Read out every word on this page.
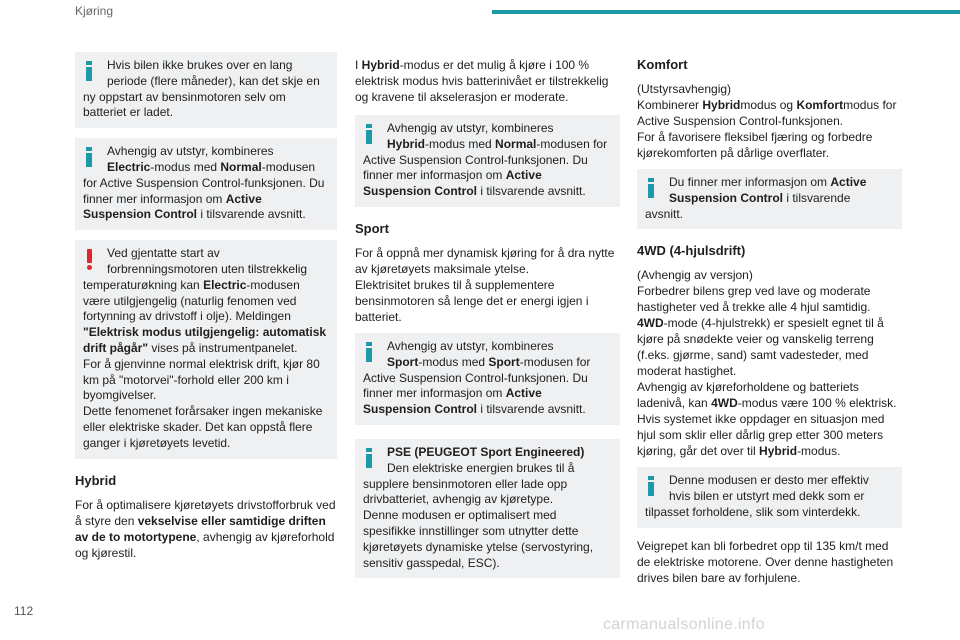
Kjøring
Hvis bilen ikke brukes over en lang
periode (flere måneder), kan det skje en
ny oppstart av bensinmotoren selv om batteriet er ladet.
Avhengig av utstyr, kombineres
Electric-modus med Normal-modusen
for Active Suspension Control-funksjonen. Du finner mer informasjon om Active Suspension Control i tilsvarende avsnitt.
Ved gjentatte start av
forbrenningsmotoren uten tilstrekkelig
temperaturøkning kan Electric-modusen være utilgjengelig (naturlig fenomen ved fortynning av drivstoff i olje). Meldingen "Elektrisk modus utilgjengelig: automatisk drift pågår" vises på instrumentpanelet.
For å gjenvinne normal elektrisk drift, kjør 80 km på "motorvei"-forhold eller 200 km i byomgivelser.
Dette fenomenet forårsaker ingen mekaniske eller elektriske skader. Det kan oppstå flere ganger i kjøretøyets levetid.
Hybrid

For å optimalisere kjøretøyets drivstofforbruk ved å styre den vekselvise eller samtidige driften av de to motortypene, avhengig av kjøreforhold og kjørestil.

I Hybrid-modus er det mulig å kjøre i 100 % elektrisk modus hvis batterinivået er tilstrekkelig og kravene til akselerasjon er moderate.

Avhengig av utstyr, kombineres
Hybrid-modus med Normal-modusen for
Active Suspension Control-funksjonen. Du finner mer informasjon om Active Suspension Control i tilsvarende avsnitt.
Sport

For å oppnå mer dynamisk kjøring for å dra nytte av kjøretøyets maksimale ytelse.
Elektrisitet brukes til å supplementere bensinmotoren så lenge det er energi igjen i batteriet.

Avhengig av utstyr, kombineres
Sport-modus med Sport-modusen for
Active Suspension Control-funksjonen. Du finner mer informasjon om Active Suspension Control i tilsvarende avsnitt.
PSE (PEUGEOT Sport Engineered)
Den elektriske energien brukes til å
supplere bensinmotoren eller lade opp drivbatteriet, avhengig av kjøretype.
Denne modusen er optimalisert med spesifikke innstillinger som utnytter dette kjøretøyets dynamiske ytelse (servostyring, sensitiv gasspedal, ESC).
Komfort

(Utstyrsavhengig)
Kombinerer Hybridmodus og Komfortmodus for Active Suspension Control-funksjonen.
For å favorisere fleksibel fjæring og forbedre kjørekomforten på dårlige overflater.

Du finner mer informasjon om Active
Suspension Control i tilsvarende
avsnitt.
4WD (4-hjulsdrift)

(Avhengig av versjon)
Forbedrer bilens grep ved lave og moderate hastigheter ved å trekke alle 4 hjul samtidig.
4WD-mode (4-hjulstrekk) er spesielt egnet til å kjøre på snødekte veier og vanskelig terreng (f.eks. gjørme, sand) samt vadesteder, med moderat hastighet.
Avhengig av kjøreforholdene og batteriets ladenivå, kan 4WD-modus være 100 % elektrisk.
Hvis systemet ikke oppdager en situasjon med hjul som sklir eller dårlig grep etter 300 meters kjøring, går det over til Hybrid-modus.

Denne modusen er desto mer effektiv
hvis bilen er utstyrt med dekk som er
tilpasset forholdene, slik som vinterdekk.

Veigrepet kan bli forbedret opp til 135 km/t med de elektriske motorene. Over denne hastigheten drives bilen bare av forhjulene.

112
carmanualsonline.info
